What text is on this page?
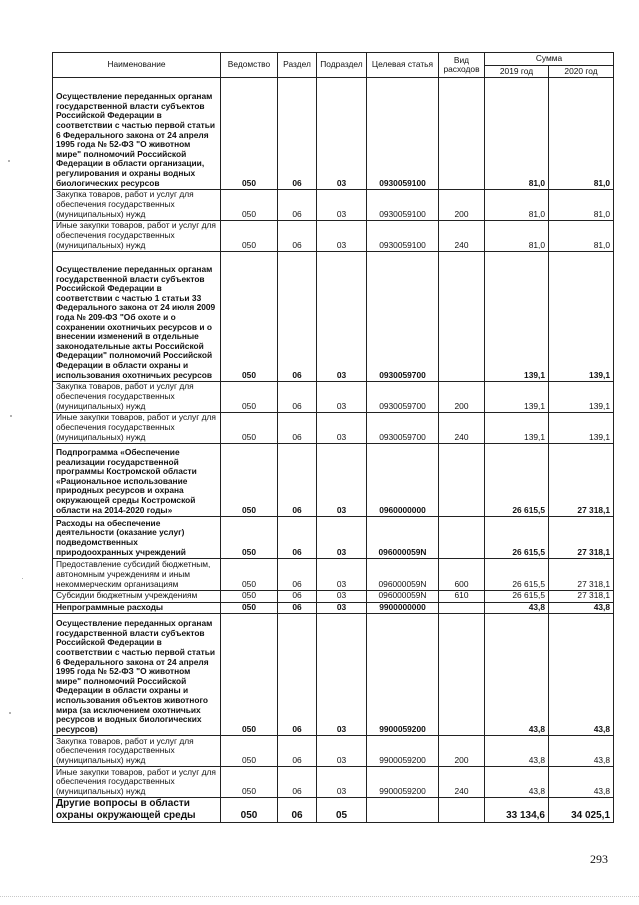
Наименование	Ведомство	Раздел	Подраздел	Целевая статья	Вид расходов	Сумма	
						2019 год	2020 год
Осуществление переданных органам государственной власти субъектов Российской Федерации в соответствии с частью первой статьи 6 Федерального закона от 24 апреля 1995 года № 52-ФЗ "О животном мире" полномочий Российской Федерации в области организации, регулирования и охраны водных биологических ресурсов	050	06	03	0930059100		81,0	81,0
Закупка товаров, работ и услуг для обеспечения государственных (муниципальных) нужд	050	06	03	0930059100	200	81,0	81,0
Иные закупки товаров, работ и услуг для обеспечения государственных (муниципальных) нужд	050	06	03	0930059100	240	81,0	81,0
Осуществление переданных органам государственной власти субъектов Российской Федерации в соответствии с частью 1 статьи 33 Федерального закона от 24 июля 2009 года № 209-ФЗ "Об охоте и о сохранении охотничьих ресурсов и о внесении изменений в отдельные законодательные акты Российской Федерации" полномочий Российской Федерации в области охраны и использования охотничьих ресурсов	050	06	03	0930059700		139,1	139,1
Закупка товаров, работ и услуг для обеспечения государственных (муниципальных) нужд	050	06	03	0930059700	200	139,1	139,1
Иные закупки товаров, работ и услуг для обеспечения государственных (муниципальных) нужд	050	06	03	0930059700	240	139,1	139,1
Подпрограмма «Обеспечение реализации государственной программы Костромской области «Рациональное использование природных ресурсов и охрана окружающей среды Костромской области на 2014-2020 годы»	050	06	03	0960000000		26 615,5	27 318,1
Расходы на обеспечение деятельности (оказание услуг) подведомственных природоохранных учреждений	050	06	03	096000059N		26 615,5	27 318,1
Предоставление субсидий бюджетным, автономным учреждениям и иным некоммерческим организациям	050	06	03	096000059N	600	26 615,5	27 318,1
Субсидии бюджетным учреждениям	050	06	03	096000059N	610	26 615,5	27 318,1
Непрограммные расходы	050	06	03	9900000000		43,8	43,8
Осуществление переданных органам государственной власти субъектов Российской Федерации в соответствии с частью первой статьи 6 Федерального закона от 24 апреля 1995 года № 52-ФЗ "О животном мире" полномочий Российской Федерации в области охраны и использования объектов животного мира (за исключением охотничьих ресурсов и водных биологических ресурсов)	050	06	03	9900059200		43,8	43,8
Закупка товаров, работ и услуг для обеспечения государственных (муниципальных) нужд	050	06	03	9900059200	200	43,8	43,8
Иные закупки товаров, работ и услуг для обеспечения государственных (муниципальных) нужд	050	06	03	9900059200	240	43,8	43,8
Другие вопросы в области охраны окружающей среды	050	06	05			33 134,6	34 025,1
293
